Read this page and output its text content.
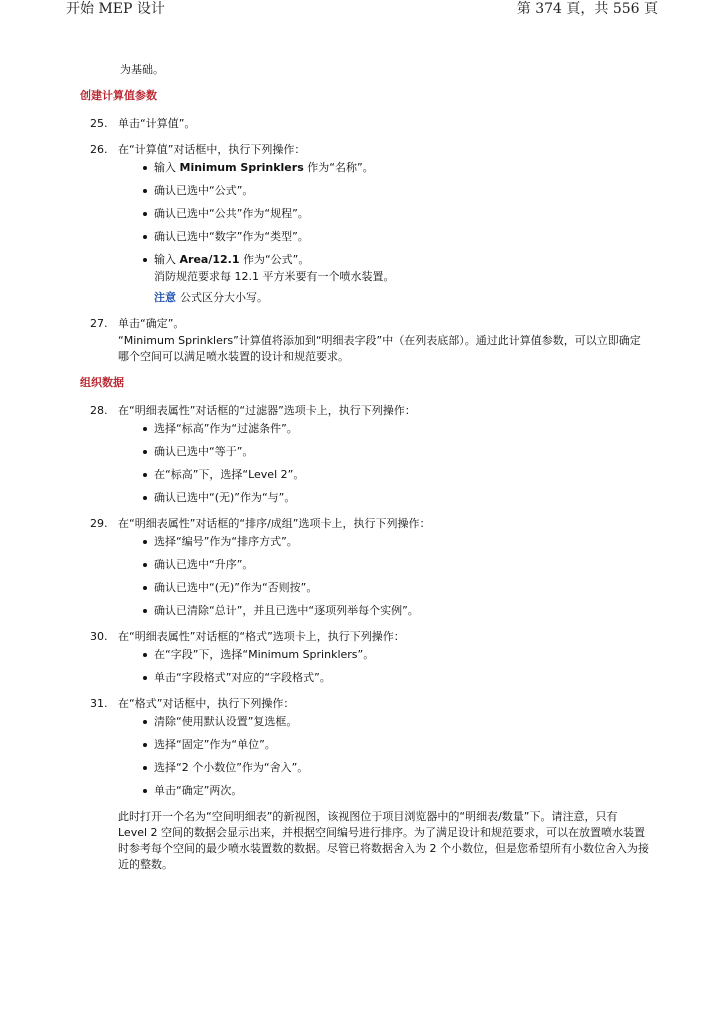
开始 MEP 设计	第 374 頁，共 556 頁
为基础。
创建计算值参数
25. 单击“计算值”。
26. 在“计算值”对话框中，执行下列操作：
输入 Minimum Sprinklers 作为“名称”。
确认已选中“公式”。
确认已选中“公共”作为“规程”。
确认已选中“数字”作为“类型”。
输入 Area/12.1 作为“公式”。
消防规范要求每 12.1 平方米要有一个喷水装置。
注意 公式区分大小写。
27. 单击“确定”。
“Minimum Sprinklers”计算值将添加到“明细表字段”中（在列表底部）。通过此计算值参数，可以立即确定哪个空间可以满足喷水装置的设计和规范要求。
组织数据
28. 在“明细表属性”对话框的“过滤器”选项卡上，执行下列操作：
选择“标高”作为“过滤条件”。
确认已选中“等于”。
在“标高”下，选择“Level 2”。
确认已选中“(无)”作为“与”。
29. 在“明细表属性”对话框的“排序/成组”选项卡上，执行下列操作：
选择“编号”作为“排序方式”。
确认已选中“升序”。
确认已选中“(无)”作为“否则按”。
确认已清除“总计”，并且已选中“逐项列举每个实例”。
30. 在“明细表属性”对话框的“格式”选项卡上，执行下列操作：
在“字段”下，选择“Minimum Sprinklers”。
单击“字段格式”对应的“字段格式”。
31. 在“格式”对话框中，执行下列操作：
清除“使用默认设置”复选框。
选择“固定”作为“单位”。
选择“2 个小数位”作为“舍入”。
单击“确定”两次。
此时打开一个名为“空间明细表”的新视图，该视图位于项目浏览器中的“明细表/数量”下。请注意，只有 Level 2 空间的数据会显示出来，并根据空间编号进行排序。为了满足设计和规范要求，可以在放置喷水装置时参考每个空间的最少喷水装置数的数据。尽管已将数据舍入为 2 个小数位，但是您希望所有小数位舍入为接近的整数。
